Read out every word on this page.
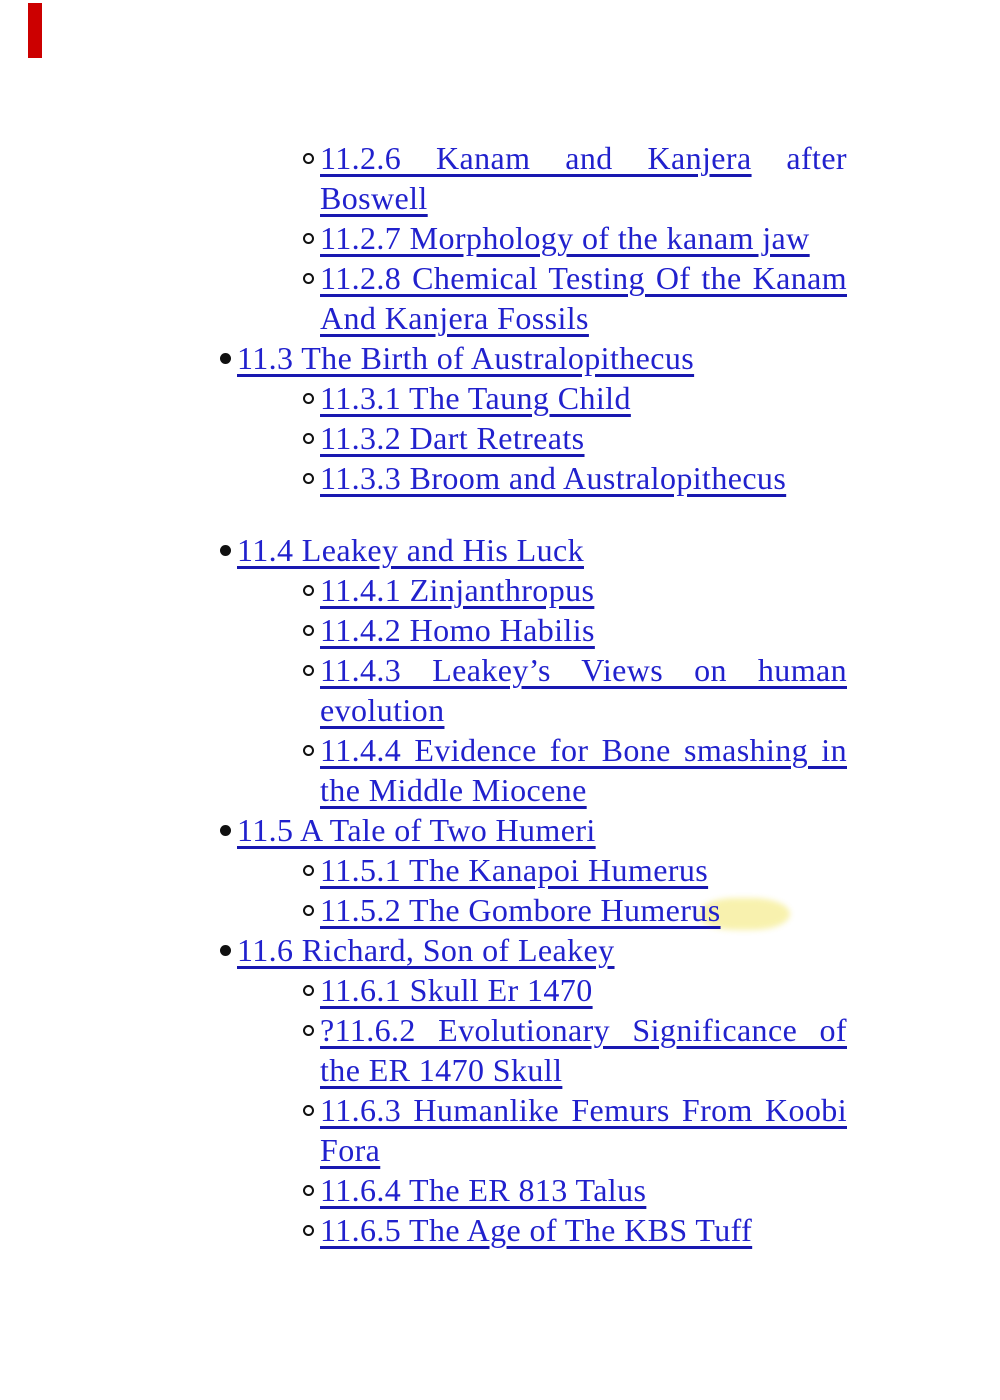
11.2.6 Kanam and Kanjera after
Boswell
11.2.7 Morphology of the kanam jaw
11.2.8 Chemical Testing Of the Kanam
And Kanjera Fossils
11.3 The Birth of Australopithecus
11.3.1 The Taung Child
11.3.2 Dart Retreats
11.3.3 Broom and Australopithecus
11.4 Leakey and His Luck
11.4.1 Zinjanthropus
11.4.2 Homo Habilis
11.4.3 Leakey’s Views on human
evolution
11.4.4 Evidence for Bone smashing in
the Middle Miocene
11.5 A Tale of Two Humeri
11.5.1 The Kanapoi Humerus
11.5.2 The Gombore Humerus
11.6 Richard, Son of Leakey
11.6.1 Skull Er 1470
?11.6.2 Evolutionary Significance of
the ER 1470 Skull
11.6.3 Humanlike Femurs From Koobi
Fora
11.6.4 The ER 813 Talus
11.6.5 The Age of The KBS Tuff
